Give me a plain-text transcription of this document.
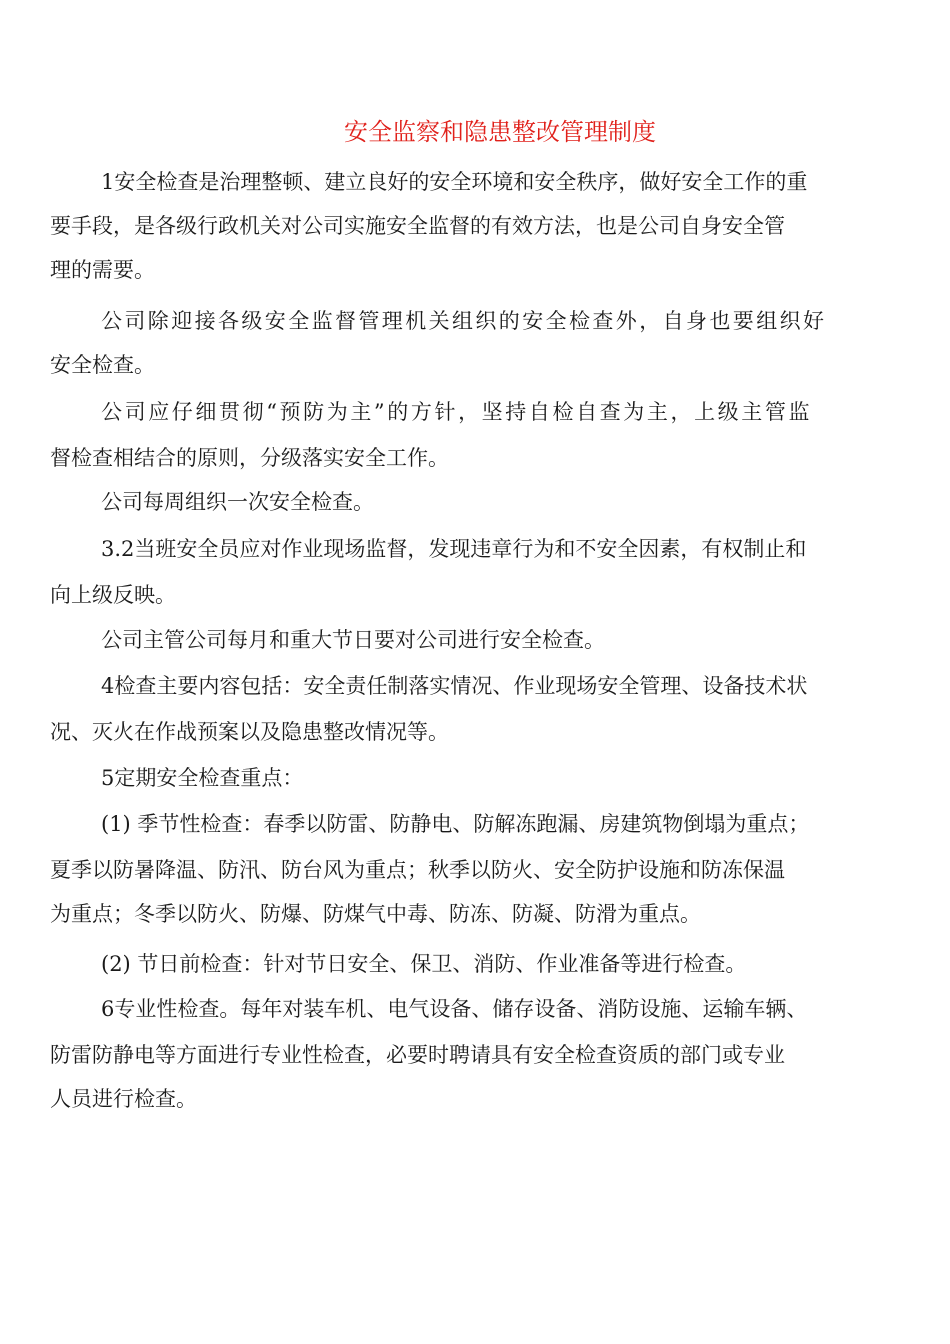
安全监察和隐患整改管理制度
1安全检查是治理整顿、建立良好的安全环境和安全秩序，做好安全工作的重
要手段，是各级行政机关对公司实施安全监督的有效方法，也是公司自身安全管
理的需要。
公司除迎接各级安全监督管理机关组织的安全检查外，自身也要组织好
安全检查。
公司应仔细贯彻“预防为主”的方针，坚持自检自查为主，上级主管监
督检查相结合的原则，分级落实安全工作。
公司每周组织一次安全检查。
3.2当班安全员应对作业现场监督，发现违章行为和不安全因素，有权制止和
向上级反映。
公司主管公司每月和重大节日要对公司进行安全检查。
4检查主要内容包括：安全责任制落实情况、作业现场安全管理、设备技术状
况、灭火在作战预案以及隐患整改情况等。
5定期安全检查重点：
(1) 季节性检查：春季以防雷、防静电、防解冻跑漏、房建筑物倒塌为重点；
夏季以防暑降温、防汛、防台风为重点；秋季以防火、安全防护设施和防冻保温
为重点；冬季以防火、防爆、防煤气中毒、防冻、防凝、防滑为重点。
(2) 节日前检查：针对节日安全、保卫、消防、作业准备等进行检查。
6专业性检查。每年对装车机、电气设备、储存设备、消防设施、运输车辆、
防雷防静电等方面进行专业性检查，必要时聘请具有安全检查资质的部门或专业
人员进行检查。
